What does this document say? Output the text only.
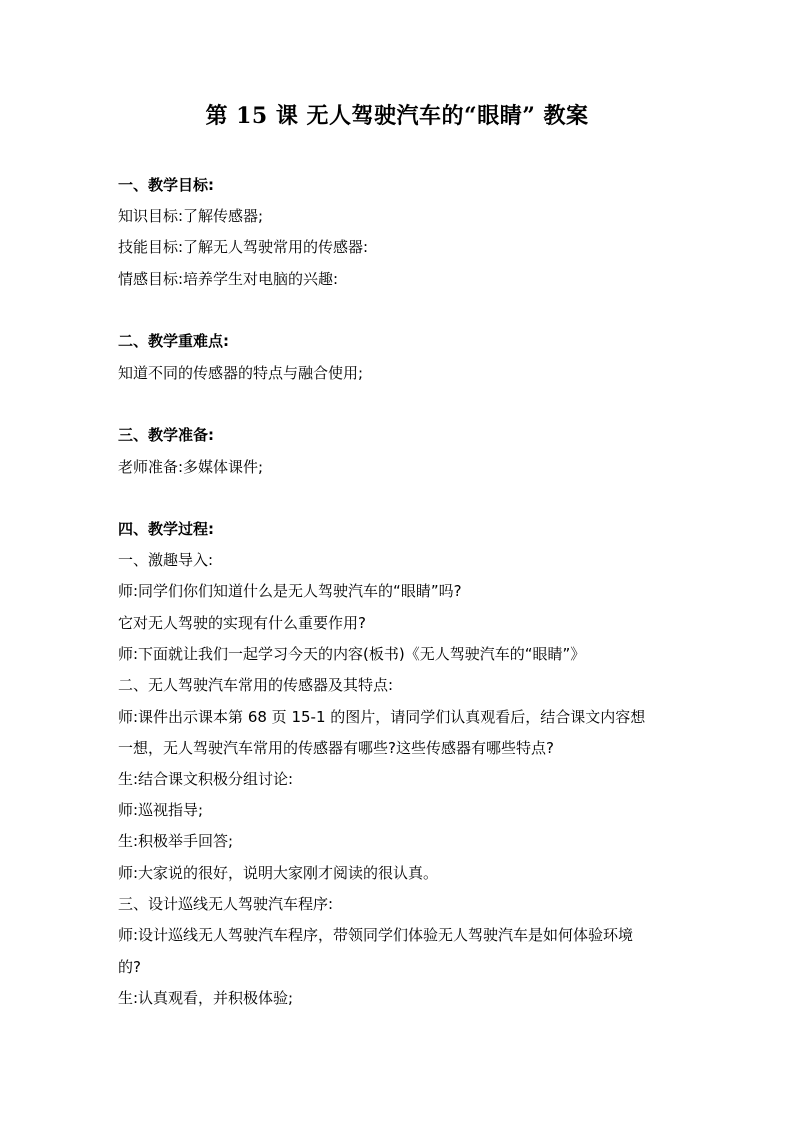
第 15 课 无人驾驶汽车的“眼睛” 教案
一、教学目标:
知识目标:了解传感器;
技能目标:了解无人驾驶常用的传感器:
情感目标:培养学生对电脑的兴趣:
二、教学重难点:
知道不同的传感器的特点与融合使用;
三、教学准备:
老师准备:多媒体课件;
四、教学过程:
一、激趣导入:
师:同学们你们知道什么是无人驾驶汽车的“眼睛”吗?
它对无人驾驶的实现有什么重要作用?
师:下面就让我们一起学习今天的内容(板书)《无人驾驶汽车的“眼睛”》
二、无人驾驶汽车常用的传感器及其特点:
师:课件出示课本第 68 页 15-1 的图片，请同学们认真观看后，结合课文内容想
一想，无人驾驶汽车常用的传感器有哪些?这些传感器有哪些特点?
生:结合课文积极分组讨论:
师:巡视指导;
生:积极举手回答;
师:大家说的很好，说明大家刚才阅读的很认真。
三、设计巡线无人驾驶汽车程序:
师:设计巡线无人驾驶汽车程序，带领同学们体验无人驾驶汽车是如何体验环境
的?
生:认真观看，并积极体验;
